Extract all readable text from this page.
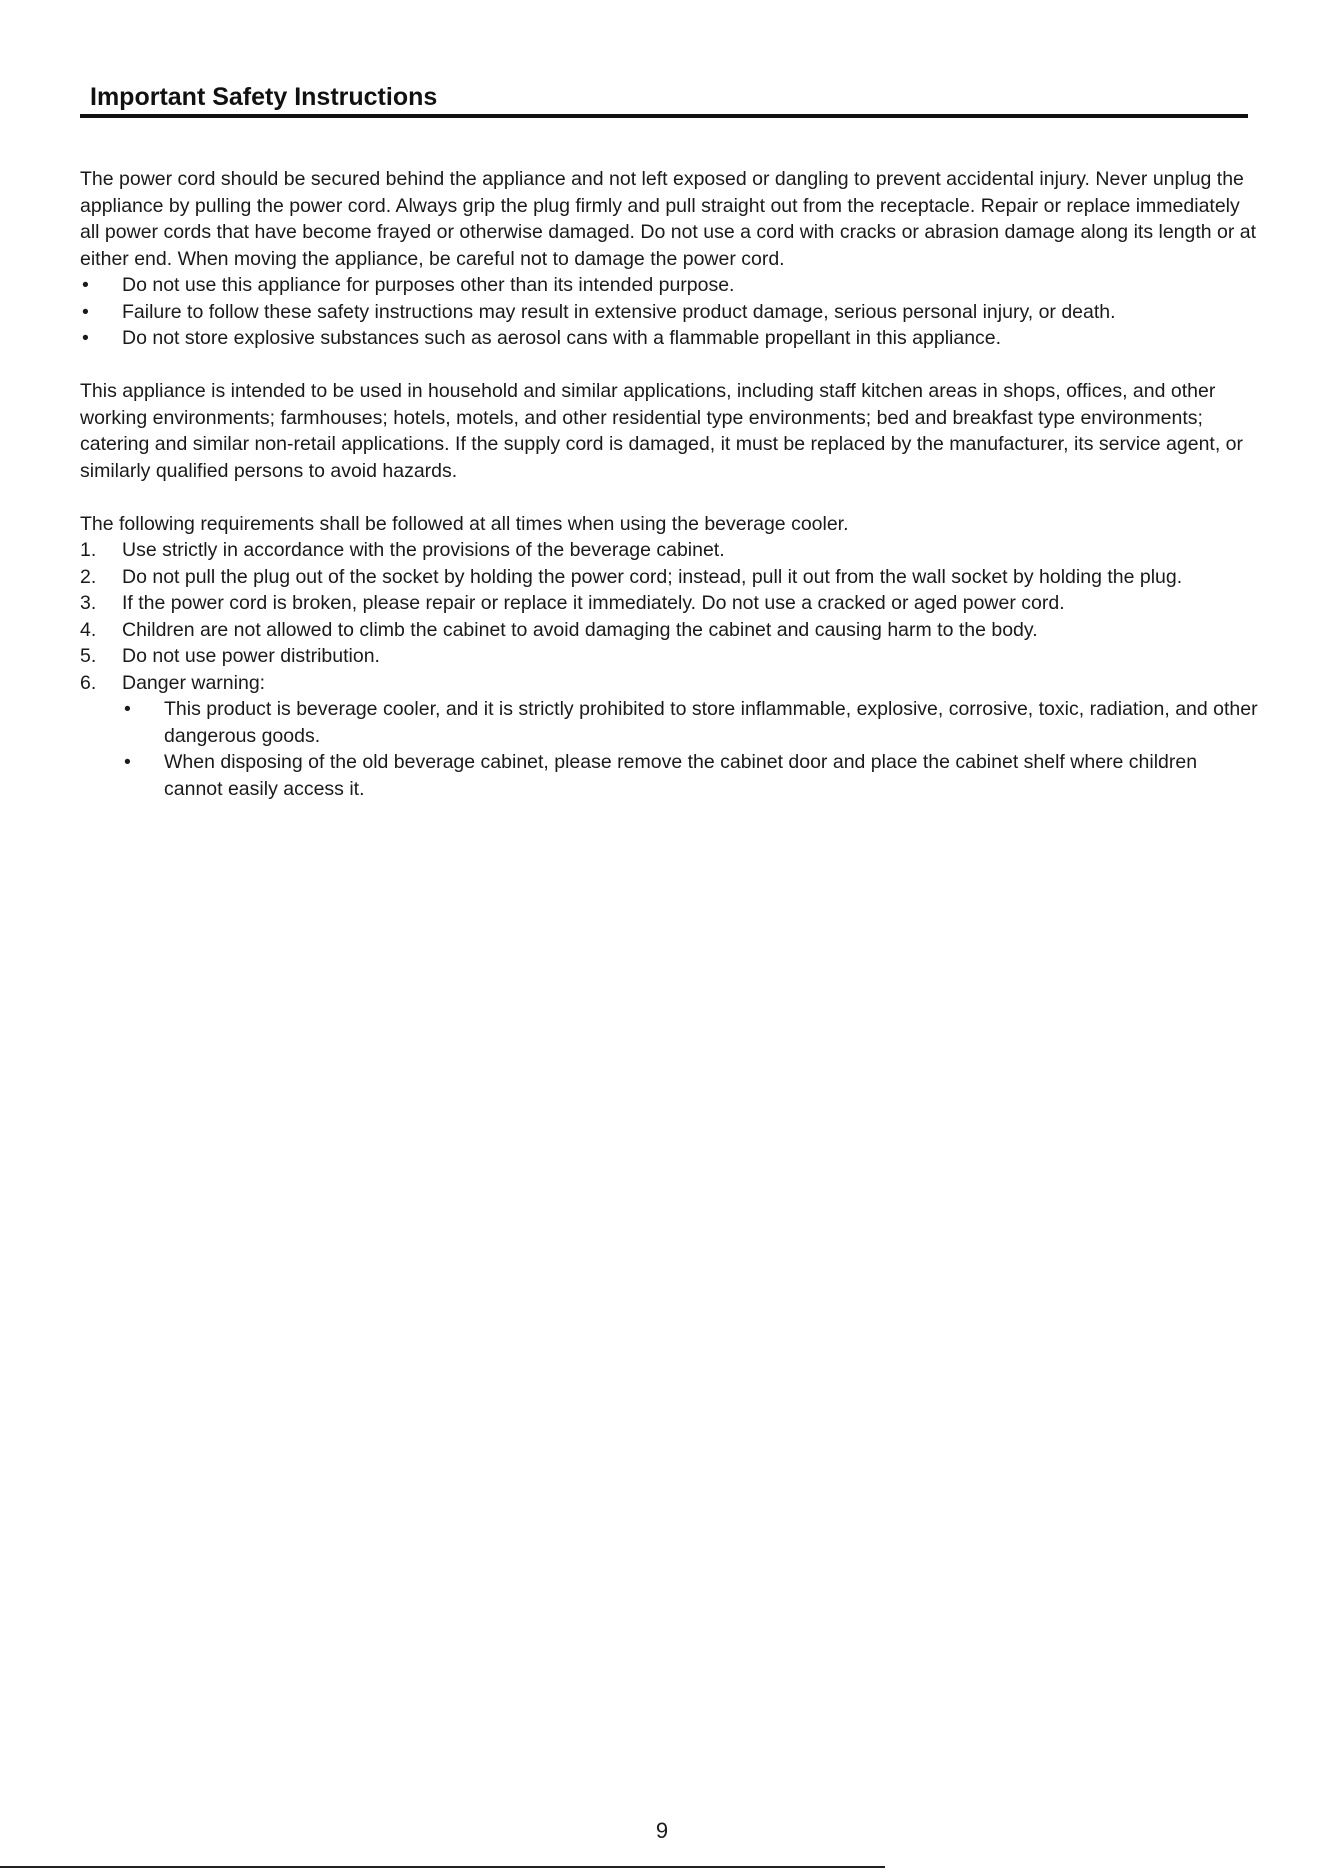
Important Safety Instructions

The power cord should be secured behind the appliance and not left exposed or dangling to prevent accidental injury. Never unplug the appliance by pulling the power cord. Always grip the plug firmly and pull straight out from the receptacle. Repair or replace immediately all power cords that have become frayed or otherwise damaged. Do not use a cord with cracks or abrasion damage along its length or at either end. When moving the appliance, be careful not to damage the power cord.

•	Do not use this appliance for purposes other than its intended purpose.
•	Failure to follow these safety instructions may result in extensive product damage, serious personal injury, or death.
•	Do not store explosive substances such as aerosol cans with a flammable propellant in this appliance.

This appliance is intended to be used in household and similar applications, including staff kitchen areas in shops, offices, and other working environments; farmhouses; hotels, motels, and other residential type environments; bed and breakfast type environments; catering and similar non-retail applications. If the supply cord is damaged, it must be replaced by the manufacturer, its service agent, or similarly qualified persons to avoid hazards.

The following requirements shall be followed at all times when using the beverage cooler.

1.	Use strictly in accordance with the provisions of the beverage cabinet.
2.	Do not pull the plug out of the socket by holding the power cord; instead, pull it out from the wall socket by holding the plug.
3.	If the power cord is broken, please repair or replace it immediately. Do not use a cracked or aged power cord.
4.	Children are not allowed to climb the cabinet to avoid damaging the cabinet and causing harm to the body.
5.	Do not use power distribution.
6.	Danger warning:
•	This product is beverage cooler, and it is strictly prohibited to store inflammable, explosive, corrosive, toxic, radiation, and other dangerous goods.
•	When disposing of the old beverage cabinet, please remove the cabinet door and place the cabinet shelf where children cannot easily access it.
9
